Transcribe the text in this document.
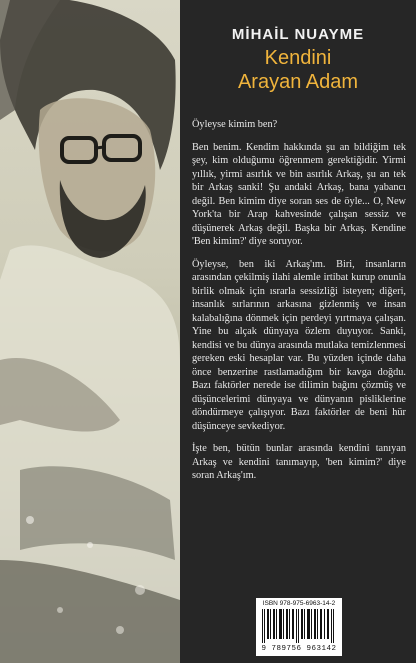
MİHAİL NUAYME
Kendini
Arayan Adam

Öyleyse kimim ben?

Ben benim. Kendim hakkında şu an bildiğim tek şey, kim olduğumu öğrenmem gerektiğidir. Yirmi yıllık, yirmi asırlık ve bin asırlık Arkaş, şu an tek bir Arkaş sanki! Şu andaki Arkaş, bana yabancı değil. Ben kimim diye soran ses de öyle... O, New York'ta bir Arap kahvesinde çalışan sessiz ve düşünerek Arkaş değil. Başka bir Arkaş. Kendine 'Ben kimim?' diye soruyor.

Öyleyse, ben iki Arkaş'ım. Biri, insanların arasından çekilmiş ilahi alemle irtibat kurup onunla birlik olmak için ısrarla sessizliği isteyen; diğeri, insanlık sırlarının arkasına gizlenmiş ve insan kalabalığına dönmek için perdeyi yırtmaya çalışan. Yine bu alçak dünyaya özlem duyuyor. Sanki, kendisi ve bu dünya arasında mutlaka temizlenmesi gereken eski hesaplar var. Bu yüzden içinde daha önce benzerine rastlamadığım bir kavga doğdu. Bazı faktörler nerede ise dilimin bağını çözmüş ve düşüncelerimi dünyaya ve dünyanın pisliklerine döndürmeye çalışıyor. Bazı faktörler de beni hür düşünceye sevkediyor.

İşte ben, bütün bunlar arasında kendini tanıyan Arkaş ve kendini tanımayıp, 'ben kimim?' diye soran Arkaş'ım.

ISBN 978-975-6963-14-2
9 789756 963142
